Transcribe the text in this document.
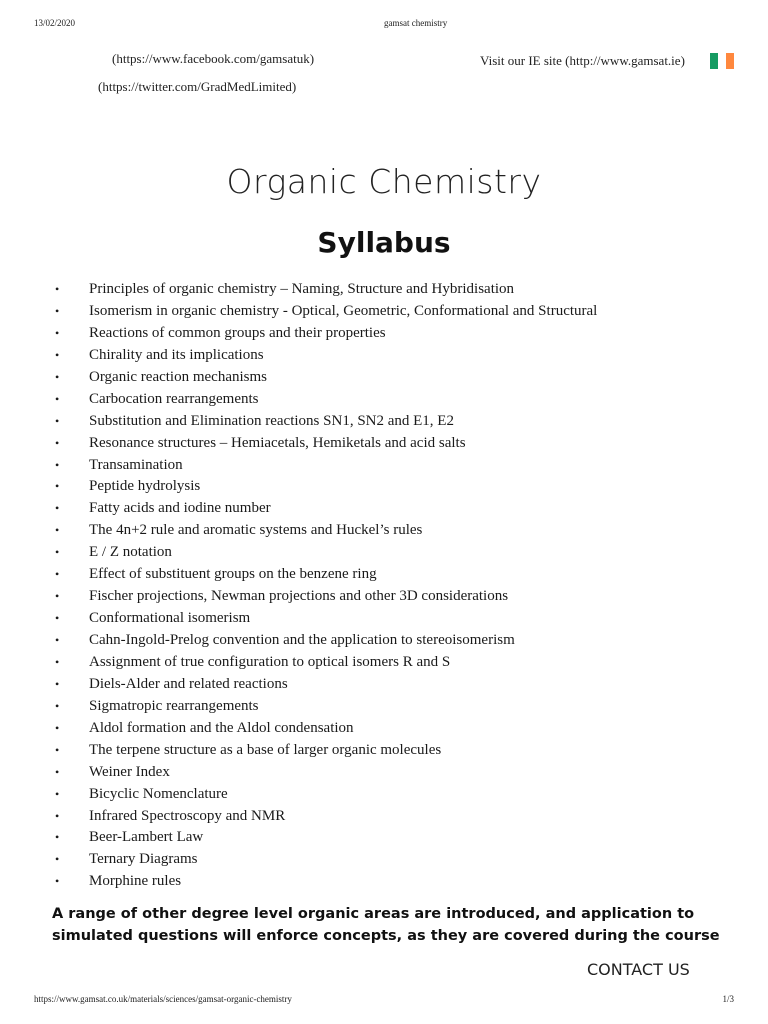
13/02/2020	gamsat chemistry
(https://www.facebook.com/gamsatuk)
(https://twitter.com/GradMedLimited)
Visit our IE site (http://www.gamsat.ie)
Organic Chemistry
Syllabus
• Principles of organic chemistry – Naming, Structure and Hybridisation
• Isomerism in organic chemistry - Optical, Geometric, Conformational and Structural
• Reactions of common groups and their properties
• Chirality and its implications
• Organic reaction mechanisms
• Carbocation rearrangements
• Substitution and Elimination reactions SN1, SN2 and E1, E2
• Resonance structures – Hemiacetals, Hemiketals and acid salts
• Transamination
• Peptide hydrolysis
• Fatty acids and iodine number
• The 4n+2 rule and aromatic systems and Huckel’s rules
• E / Z notation
• Effect of substituent groups on the benzene ring
• Fischer projections, Newman projections and other 3D considerations
• Conformational isomerism
• Cahn-Ingold-Prelog convention and the application to stereoisomerism
• Assignment of true configuration to optical isomers R and S
• Diels-Alder and related reactions
• Sigmatropic rearrangements
• Aldol formation and the Aldol condensation
• The terpene structure as a base of larger organic molecules
• Weiner Index
• Bicyclic Nomenclature
• Infrared Spectroscopy and NMR
• Beer-Lambert Law
• Ternary Diagrams
• Morphine rules

A range of other degree level organic areas are introduced, and application to simulated questions will enforce concepts, as they are covered during the course

CONTACT US
https://www.gamsat.co.uk/materials/sciences/gamsat-organic-chemistry	1/3
